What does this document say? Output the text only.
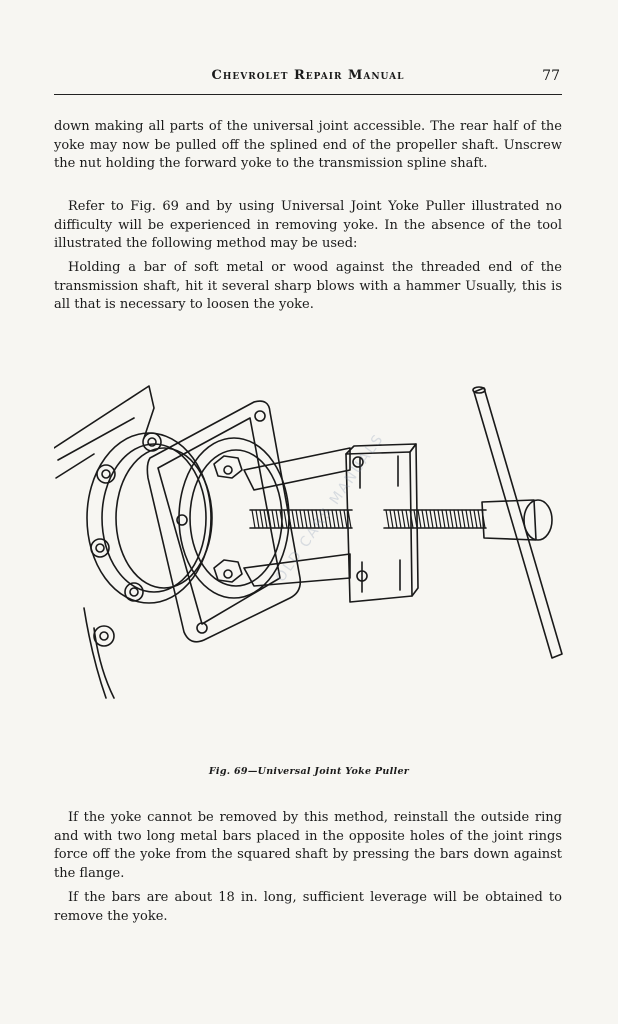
Chevrolet Repair Manual	77

down making all parts of the universal joint accessible. The rear half of the yoke may now be pulled off the splined end of the propeller shaft. Unscrew the nut holding the forward yoke to the transmission spline shaft.

Refer to Fig. 69 and by using Universal Joint Yoke Puller illustrated no difficulty will be experienced in removing yoke. In the absence of the tool illustrated the following method may be used:

Holding a bar of soft metal or wood against the threaded end of the transmission shaft, hit it several sharp blows with a hammer Usually, this is all that is necessary to loosen the yoke.

OLD CARS MANUALS
Fig. 69—Universal Joint Yoke Puller

If the yoke cannot be removed by this method, reinstall the outside ring and with two long metal bars placed in the opposite holes of the joint rings force off the yoke from the squared shaft by pressing the bars down against the flange.

If the bars are about 18 in. long, sufficient leverage will be obtained to remove the yoke.
